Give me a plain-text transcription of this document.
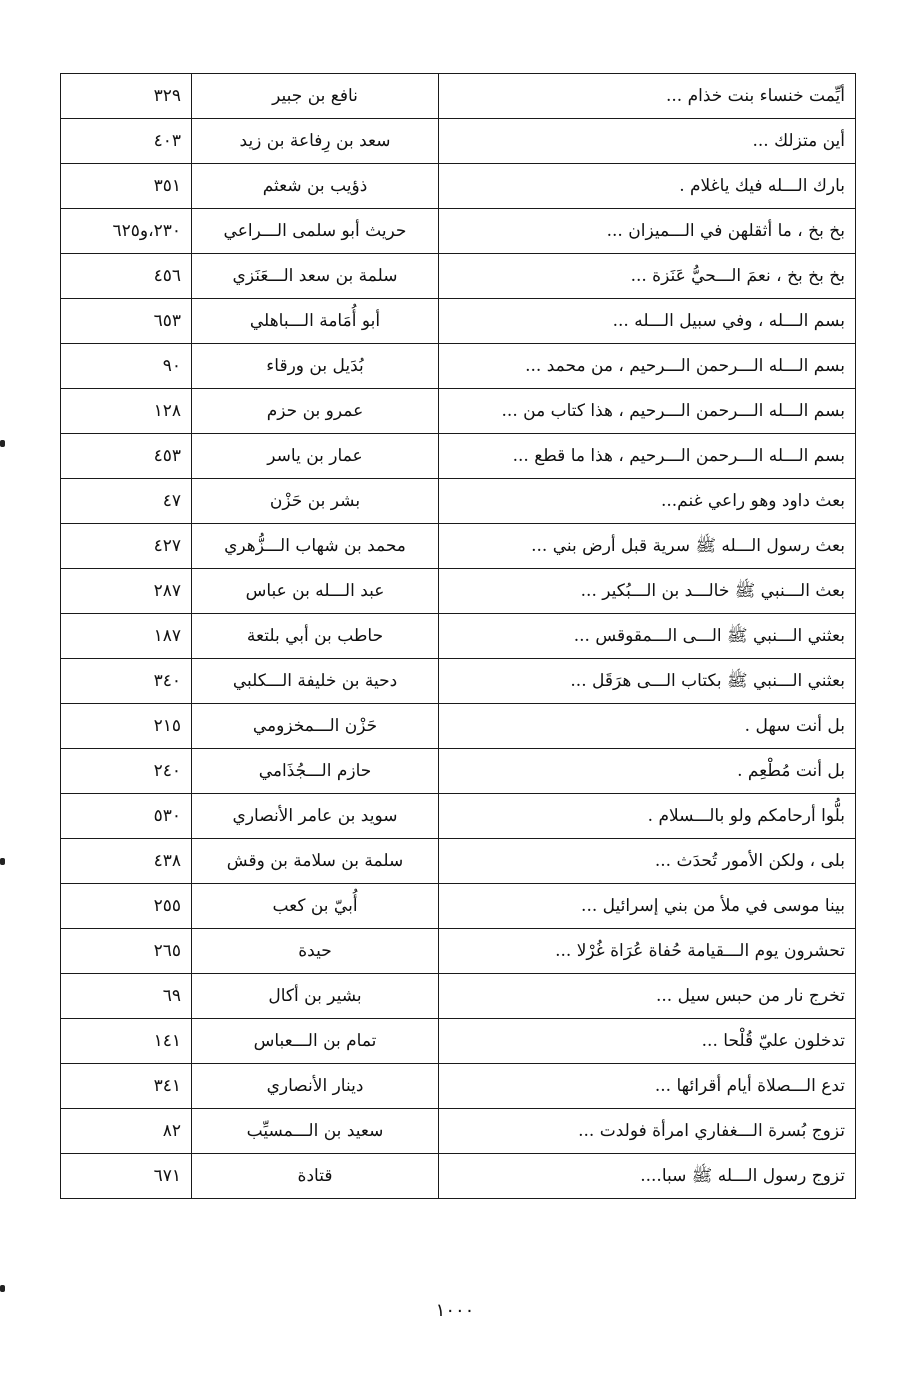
أيِّمت خنساء بنت خذام ...	نافع بن جبير	٣٢٩
أين متزلك ...	سعد بن رِفاعة بن زيد	٤٠٣
بارك الـــله فيك ياغلام .	ذؤيب بن شعثم	٣٥١
بخ بخ ، ما أثقلهن في الـــميزان ...	حريث أبو سلمى الـــراعي	٢٣٠،و٦٢٥
بخ بخ بخ ، نعمَ الـــحيُّ عَنَزة ...	سلمة بن سعد الـــعَنَزي	٤٥٦
بسم الـــله ، وفي سبيل الـــله ...	أبو أُمَامة الـــباهلي	٦٥٣
بسم الـــله الـــرحمن الـــرحيم ، من محمد ...	بُدَيل بن ورقاء	٩٠
بسم الـــله الـــرحمن الـــرحيم ، هذا كتاب من ...	عمرو بن حزم	١٢٨
بسم الـــله الـــرحمن الـــرحيم ، هذا ما قطع ...	عمار بن ياسر	٤٥٣
بعث داود وهو راعي غنم...	بشر بن حَزْن	٤٧
بعث رسول الـــله ﷺ سرية قبل أرض بني ...	محمد بن شهاب الـــزُّهري	٤٢٧
بعث الـــنبي ﷺ خالـــد بن الـــبُكير ...	عبد الـــله بن عباس	٢٨٧
بعثني الـــنبي ﷺ الـــى الـــمقوقس ...	حاطب بن أبي بلتعة	١٨٧
بعثني الـــنبي ﷺ بكتاب الـــى هرَقَل ...	دحية بن خليفة الـــكلبي	٣٤٠
بل أنت سهل .	حَزْن الـــمخزومي	٢١٥
بل أنت مُطْعِم .	حازم الـــجُذَامي	٢٤٠
بلُّوا أرحامكم ولو بالـــسلام .	سويد بن عامر الأنصاري	٥٣٠
بلى ، ولكن الأمور تُحدَث ...	سلمة بن سلامة بن وقش	٤٣٨
بينا موسى في ملأ من بني إسرائيل ...	أُبيّ بن كعب	٢٥٥
تحشرون يوم الـــقيامة حُفاة عُرَاة غُرْلا ...	حيدة	٢٦٥
تخرج نار من حبس سيل ...	بشير بن أكال	٦٩
تدخلون عليّ قُلْحا ...	تمام بن الـــعباس	١٤١
تدع الـــصلاة أيام أقرائها ...	دينار الأنصاري	٣٤١
تزوج بُسرة الـــغفاري امرأة فولدت ...	سعيد بن الـــمسيِّب	٨٢
تزوج رسول الـــله ﷺ سبا....	قتادة	٦٧١
١٠٠٠
